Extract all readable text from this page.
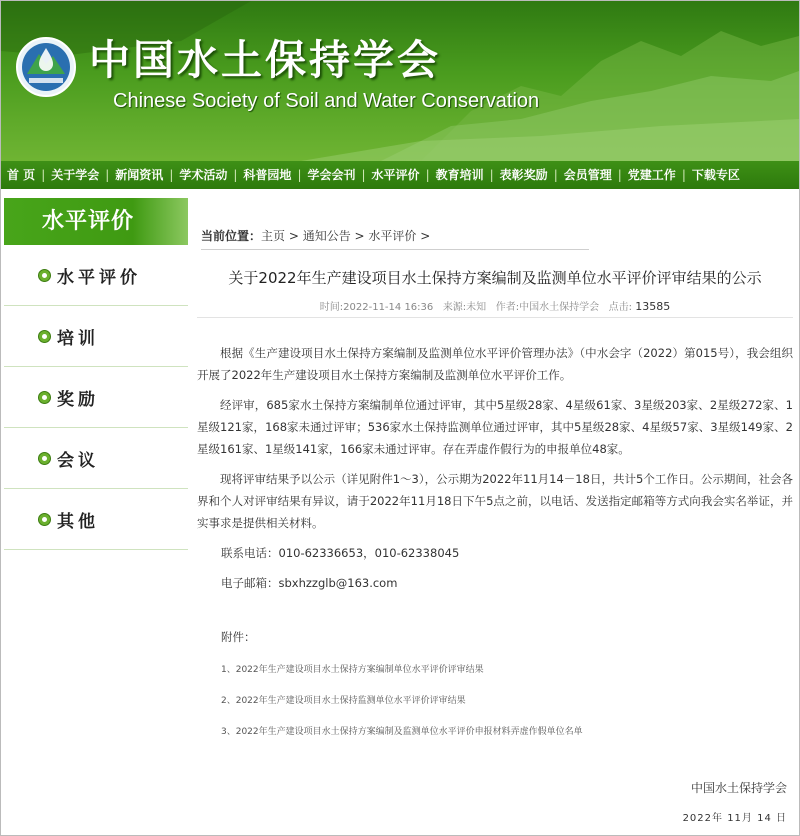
中国水土保持学会
Chinese Society of Soil and Water Conservation
首 页 | 关于学会 | 新闻资讯 | 学术活动 | 科普园地 | 学会会刊 | 水平评价 | 教育培训 | 表彰奖励 | 会员管理 | 党建工作 | 下载专区
水平评价
水平评价
培训
奖励
会议
其他
当前位置：主页 > 通知公告 > 水平评价 >
关于2022年生产建设项目水土保持方案编制及监测单位水平评价评审结果的公示
时间:2022-11-14 16:36 来源:未知 作者:中国水土保持学会 点击: 13585

根据《生产建设项目水土保持方案编制及监测单位水平评价管理办法》（中水会字（2022）第015号），我会组织开展了2022年生产建设项目水土保持方案编制及监测单位水平评价工作。

经评审，685家水土保持方案编制单位通过评审，其中5星级28家、4星级61家、3星级203家、2星级272家、1星级121家，168家未通过评审；536家水土保持监测单位通过评审，其中5星级28家、4星级57家、3星级149家、2星级161家、1星级141家，166家未通过评审。存在弄虚作假行为的申报单位48家。

现将评审结果予以公示（详见附件1～3），公示期为2022年11月14－18日，共计5个工作日。公示期间，社会各界和个人对评审结果有异议，请于2022年11月18日下午5点之前，以电话、发送指定邮箱等方式向我会实名举证，并实事求是提供相关材料。

联系电话：010-62336653，010-62338045

电子邮箱：sbxhzzglb@163.com

附件：
1、2022年生产建设项目水土保持方案编制单位水平评价评审结果
2、2022年生产建设项目水土保持监测单位水平评价评审结果
3、2022年生产建设项目水土保持方案编制及监测单位水平评价申报材料弄虚作假单位名单
中国水土保持学会
2022年 11月 14 日
